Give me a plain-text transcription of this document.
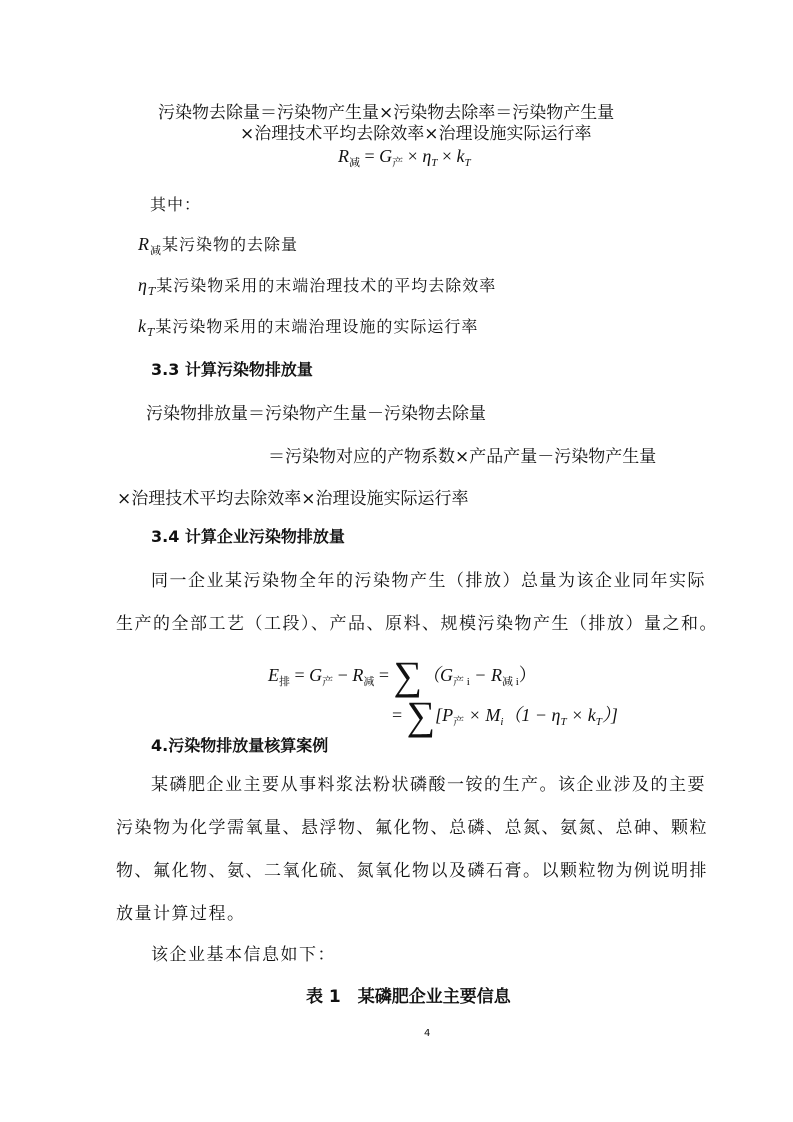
污染物去除量＝污染物产生量×污染物去除率＝污染物产生量
×治理技术平均去除效率×治理设施实际运行率
$R_减 = G_产 \times \eta_T \times k_T$
其中：
$R_减$某污染物的去除量
$\eta_T$某污染物采用的末端治理技术的平均去除效率
$k_T$某污染物采用的末端治理设施的实际运行率
3.3 计算污染物排放量
污染物排放量＝污染物产生量－污染物去除量
＝污染物对应的产物系数×产品产量－污染物产生量
×治理技术平均去除效率×治理设施实际运行率
3.4 计算企业污染物排放量
同一企业某污染物全年的污染物产生（排放）总量为该企业同年实际
生产的全部工艺（工段）、产品、原料、规模污染物产生（排放）量之和。
$E_排 = G_产 - R_减 = \sum(G_{产 i} - R_{减 i})$
= $\sum[P_产 \times M_i(1 - \eta_T \times k_T)]$
4.污染物排放量核算案例
某磷肥企业主要从事料浆法粉状磷酸一铵的生产。该企业涉及的主要
污染物为化学需氧量、悬浮物、氟化物、总磷、总氮、氨氮、总砷、颗粒
物、氟化物、氨、二氧化硫、氮氧化物以及磷石膏。以颗粒物为例说明排
放量计算过程。
该企业基本信息如下：
表 1　某磷肥企业主要信息
4
